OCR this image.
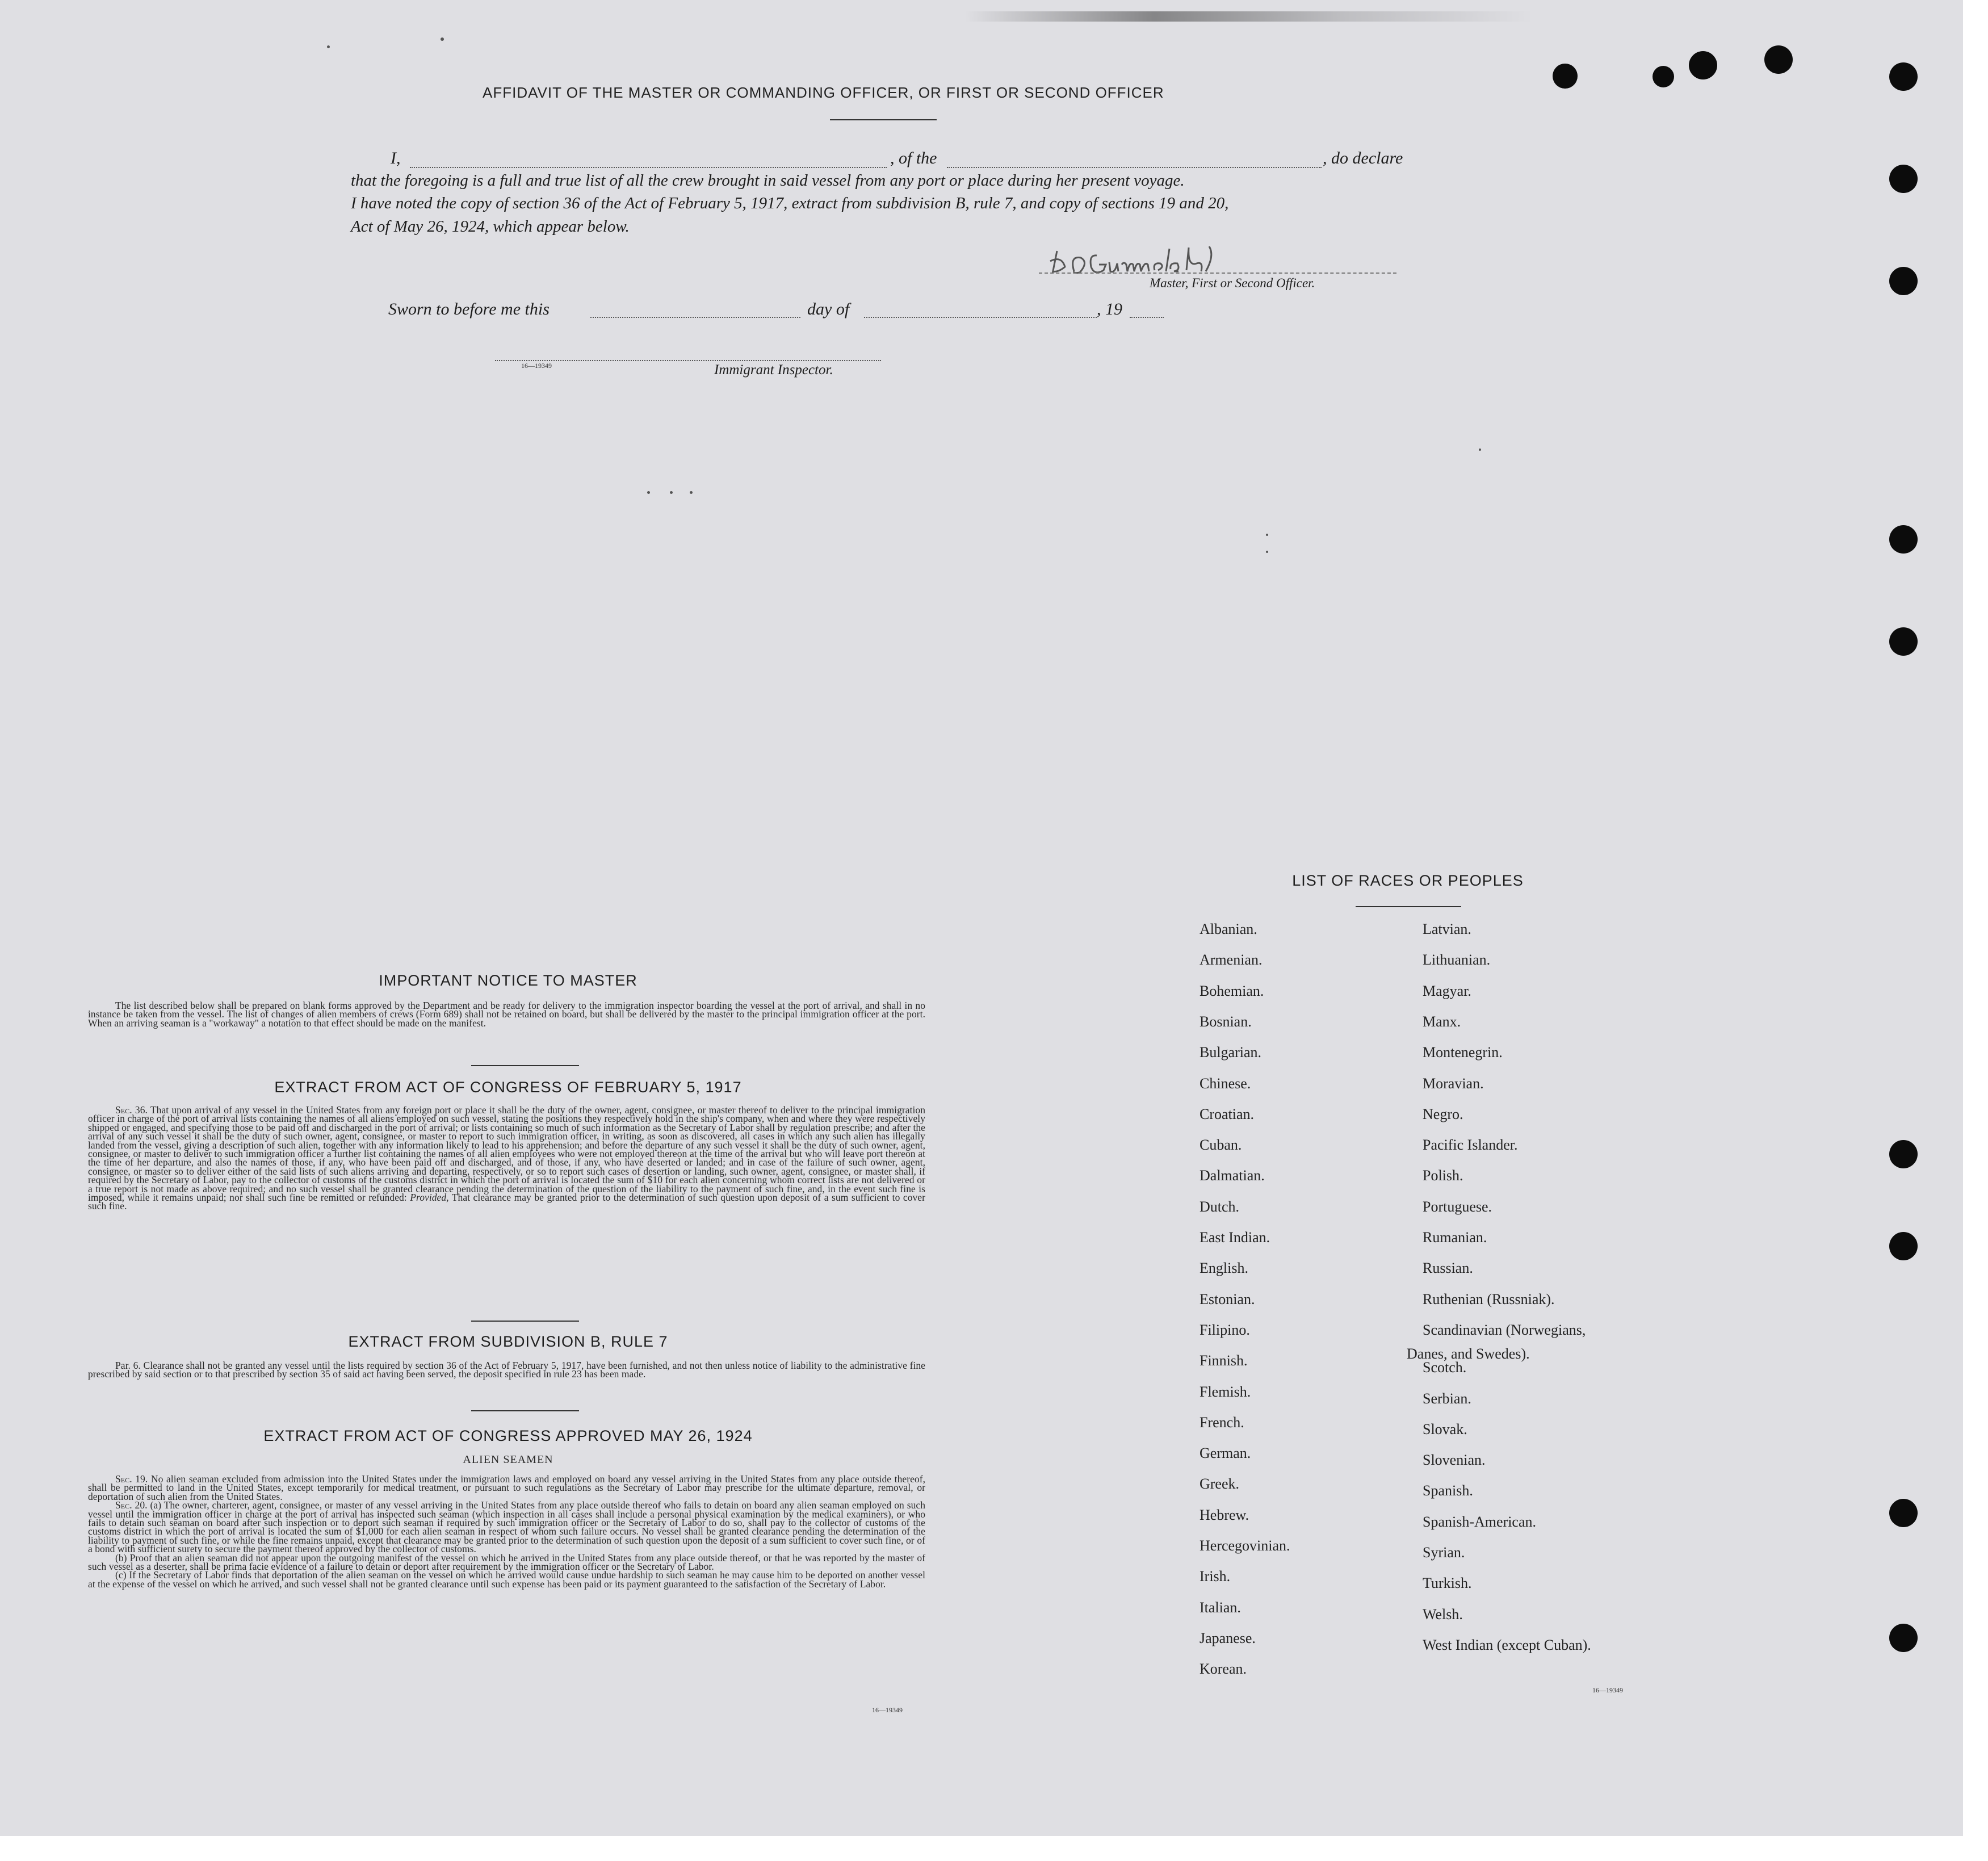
AFFIDAVIT OF THE MASTER OR COMMANDING OFFICER, OR FIRST OR SECOND OFFICER
I,	, of the	, do declare
that the foregoing is a full and true list of all the crew brought in said vessel from any port or place during her present voyage.
I have noted the copy of section 36 of the Act of February 5, 1917, extract from subdivision B, rule 7, and copy of sections 19 and 20,
Act of May 26, 1924, which appear below.
Master, First or Second Officer.
Sworn to before me this	day of	, 19
16—19349	Immigrant Inspector.
IMPORTANT NOTICE TO MASTER
The list described below shall be prepared on blank forms approved by the Department and be ready for delivery to the immigration inspector boarding the vessel at the port of arrival, and shall in no instance be taken from the vessel. The list of changes of alien members of crews (Form 689) shall not be retained on board, but shall be delivered by the master to the principal immigration officer at the port. When an arriving seaman is a "workaway" a notation to that effect should be made on the manifest.
EXTRACT FROM ACT OF CONGRESS OF FEBRUARY 5, 1917
Sec. 36. That upon arrival of any vessel in the United States from any foreign port or place it shall be the duty of the owner, agent, consignee, or master thereof to deliver to the principal immigration officer in charge of the port of arrival lists containing the names of all aliens employed on such vessel, stating the positions they respectively hold in the ship's company, when and where they were respectively shipped or engaged, and specifying those to be paid off and discharged in the port of arrival; or lists containing so much of such information as the Secretary of Labor shall by regulation prescribe; and after the arrival of any such vessel it shall be the duty of such owner, agent, consignee, or master to report to such immigration officer, in writing, as soon as discovered, all cases in which any such alien has illegally landed from the vessel, giving a description of such alien, together with any information likely to lead to his apprehension; and before the departure of any such vessel it shall be the duty of such owner, agent, consignee, or master to deliver to such immigration officer a further list containing the names of all alien employees who were not employed thereon at the time of the arrival but who will leave port thereon at the time of her departure, and also the names of those, if any, who have been paid off and discharged, and of those, if any, who have deserted or landed; and in case of the failure of such owner, agent, consignee, or master so to deliver either of the said lists of such aliens arriving and departing, respectively, or so to report such cases of desertion or landing, such owner, agent, consignee, or master shall, if required by the Secretary of Labor, pay to the collector of customs of the customs district in which the port of arrival is located the sum of $10 for each alien concerning whom correct lists are not delivered or a true report is not made as above required; and no such vessel shall be granted clearance pending the determination of the question of the liability to the payment of such fine, and, in the event such fine is imposed, while it remains unpaid; nor shall such fine be remitted or refunded: Provided, That clearance may be granted prior to the determination of such question upon deposit of a sum sufficient to cover such fine.
EXTRACT FROM SUBDIVISION B, RULE 7
Par. 6. Clearance shall not be granted any vessel until the lists required by section 36 of the Act of February 5, 1917, have been furnished, and not then unless notice of liability to the administrative fine prescribed by said section or to that prescribed by section 35 of said act having been served, the deposit specified in rule 23 has been made.
EXTRACT FROM ACT OF CONGRESS APPROVED MAY 26, 1924
ALIEN SEAMEN
Sec. 19. No alien seaman excluded from admission into the United States under the immigration laws and employed on board any vessel arriving in the United States from any place outside thereof, shall be permitted to land in the United States, except temporarily for medical treatment, or pursuant to such regulations as the Secretary of Labor may prescribe for the ultimate departure, removal, or deportation of such alien from the United States.
Sec. 20. (a) The owner, charterer, agent, consignee, or master of any vessel arriving in the United States from any place outside thereof who fails to detain on board any alien seaman employed on such vessel until the immigration officer in charge at the port of arrival has inspected such seaman (which inspection in all cases shall include a personal physical examination by the medical examiners), or who fails to detain such seaman on board after such inspection or to deport such seaman if required by such immigration officer or the Secretary of Labor to do so, shall pay to the collector of customs of the customs district in which the port of arrival is located the sum of $1,000 for each alien seaman in respect of whom such failure occurs. No vessel shall be granted clearance pending the determination of the liability to payment of such fine, or while the fine remains unpaid, except that clearance may be granted prior to the determination of such question upon the deposit of a sum sufficient to cover such fine, or of a bond with sufficient surety to secure the payment thereof approved by the collector of customs.
(b) Proof that an alien seaman did not appear upon the outgoing manifest of the vessel on which he arrived in the United States from any place outside thereof, or that he was reported by the master of such vessel as a deserter, shall be prima facie evidence of a failure to detain or deport after requirement by the immigration officer or the Secretary of Labor.
(c) If the Secretary of Labor finds that deportation of the alien seaman on the vessel on which he arrived would cause undue hardship to such seaman he may cause him to be deported on another vessel at the expense of the vessel on which he arrived, and such vessel shall not be granted clearance until such expense has been paid or its payment guaranteed to the satisfaction of the Secretary of Labor.
16—19349
LIST OF RACES OR PEOPLES
16—19349
Albanian.
Armenian.
Bohemian.
Bosnian.
Bulgarian.
Chinese.
Croatian.
Cuban.
Dalmatian.
Dutch.
East Indian.
English.
Estonian.
Filipino.
Finnish.
Flemish.
French.
German.
Greek.
Hebrew.
Hercegovinian.
Irish.
Italian.
Japanese.
Korean.
Latvian.
Lithuanian.
Magyar.
Manx.
Montenegrin.
Moravian.
Negro.
Pacific Islander.
Polish.
Portuguese.
Rumanian.
Russian.
Ruthenian (Russniak).
Scandinavian (Norwegians,
Danes, and Swedes).
Scotch.
Serbian.
Slovak.
Slovenian.
Spanish.
Spanish-American.
Syrian.
Turkish.
Welsh.
West Indian (except Cuban).
